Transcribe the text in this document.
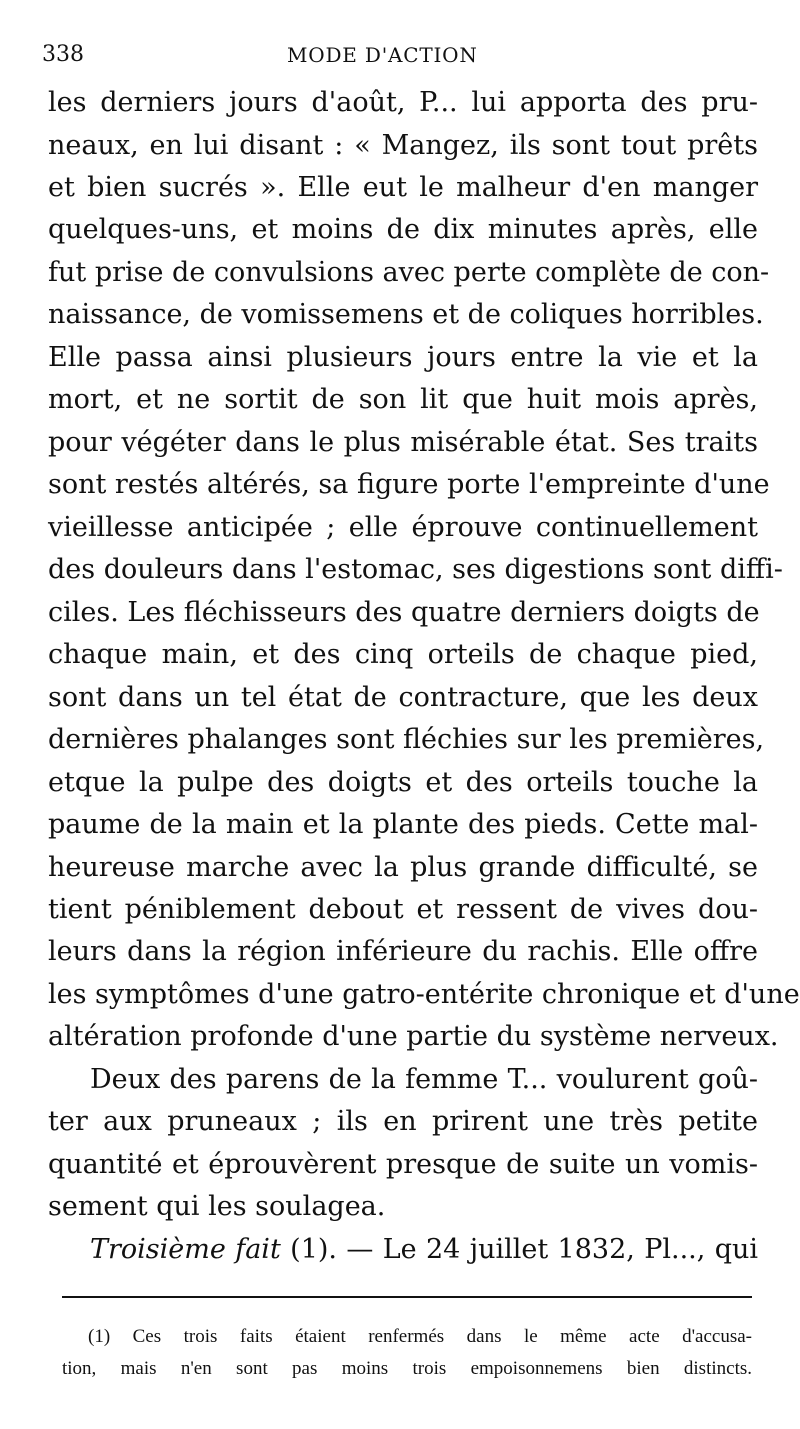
338	MODE D'ACTION
les derniers jours d'août, P... lui apporta des pru-
neaux, en lui disant : « Mangez, ils sont tout prêts
et bien sucrés ». Elle eut le malheur d'en manger
quelques-uns, et moins de dix minutes après, elle
fut prise de convulsions avec perte complète de con-
naissance, de vomissemens et de coliques horribles.
Elle passa ainsi plusieurs jours entre la vie et la
mort, et ne sortit de son lit que huit mois après,
pour végéter dans le plus misérable état. Ses traits
sont restés altérés, sa figure porte l'empreinte d'une
vieillesse anticipée ; elle éprouve continuellement
des douleurs dans l'estomac, ses digestions sont diffi-
ciles. Les fléchisseurs des quatre derniers doigts de
chaque main, et des cinq orteils de chaque pied,
sont dans un tel état de contracture, que les deux
dernières phalanges sont fléchies sur les premières,
etque la pulpe des doigts et des orteils touche la
paume de la main et la plante des pieds. Cette mal-
heureuse marche avec la plus grande difficulté, se
tient péniblement debout et ressent de vives dou-
leurs dans la région inférieure du rachis. Elle offre
les symptômes d'une gatro-entérite chronique et d'une
altération profonde d'une partie du système nerveux.
Deux des parens de la femme T... voulurent goû-
ter aux pruneaux ; ils en prirent une très petite
quantité et éprouvèrent presque de suite un vomis-
sement qui les soulagea.
Troisième fait (1). — Le 24 juillet 1832, Pl..., qui
(1) Ces trois faits étaient renfermés dans le même acte d'accusa-
tion, mais n'en sont pas moins trois empoisonnemens bien distincts.
